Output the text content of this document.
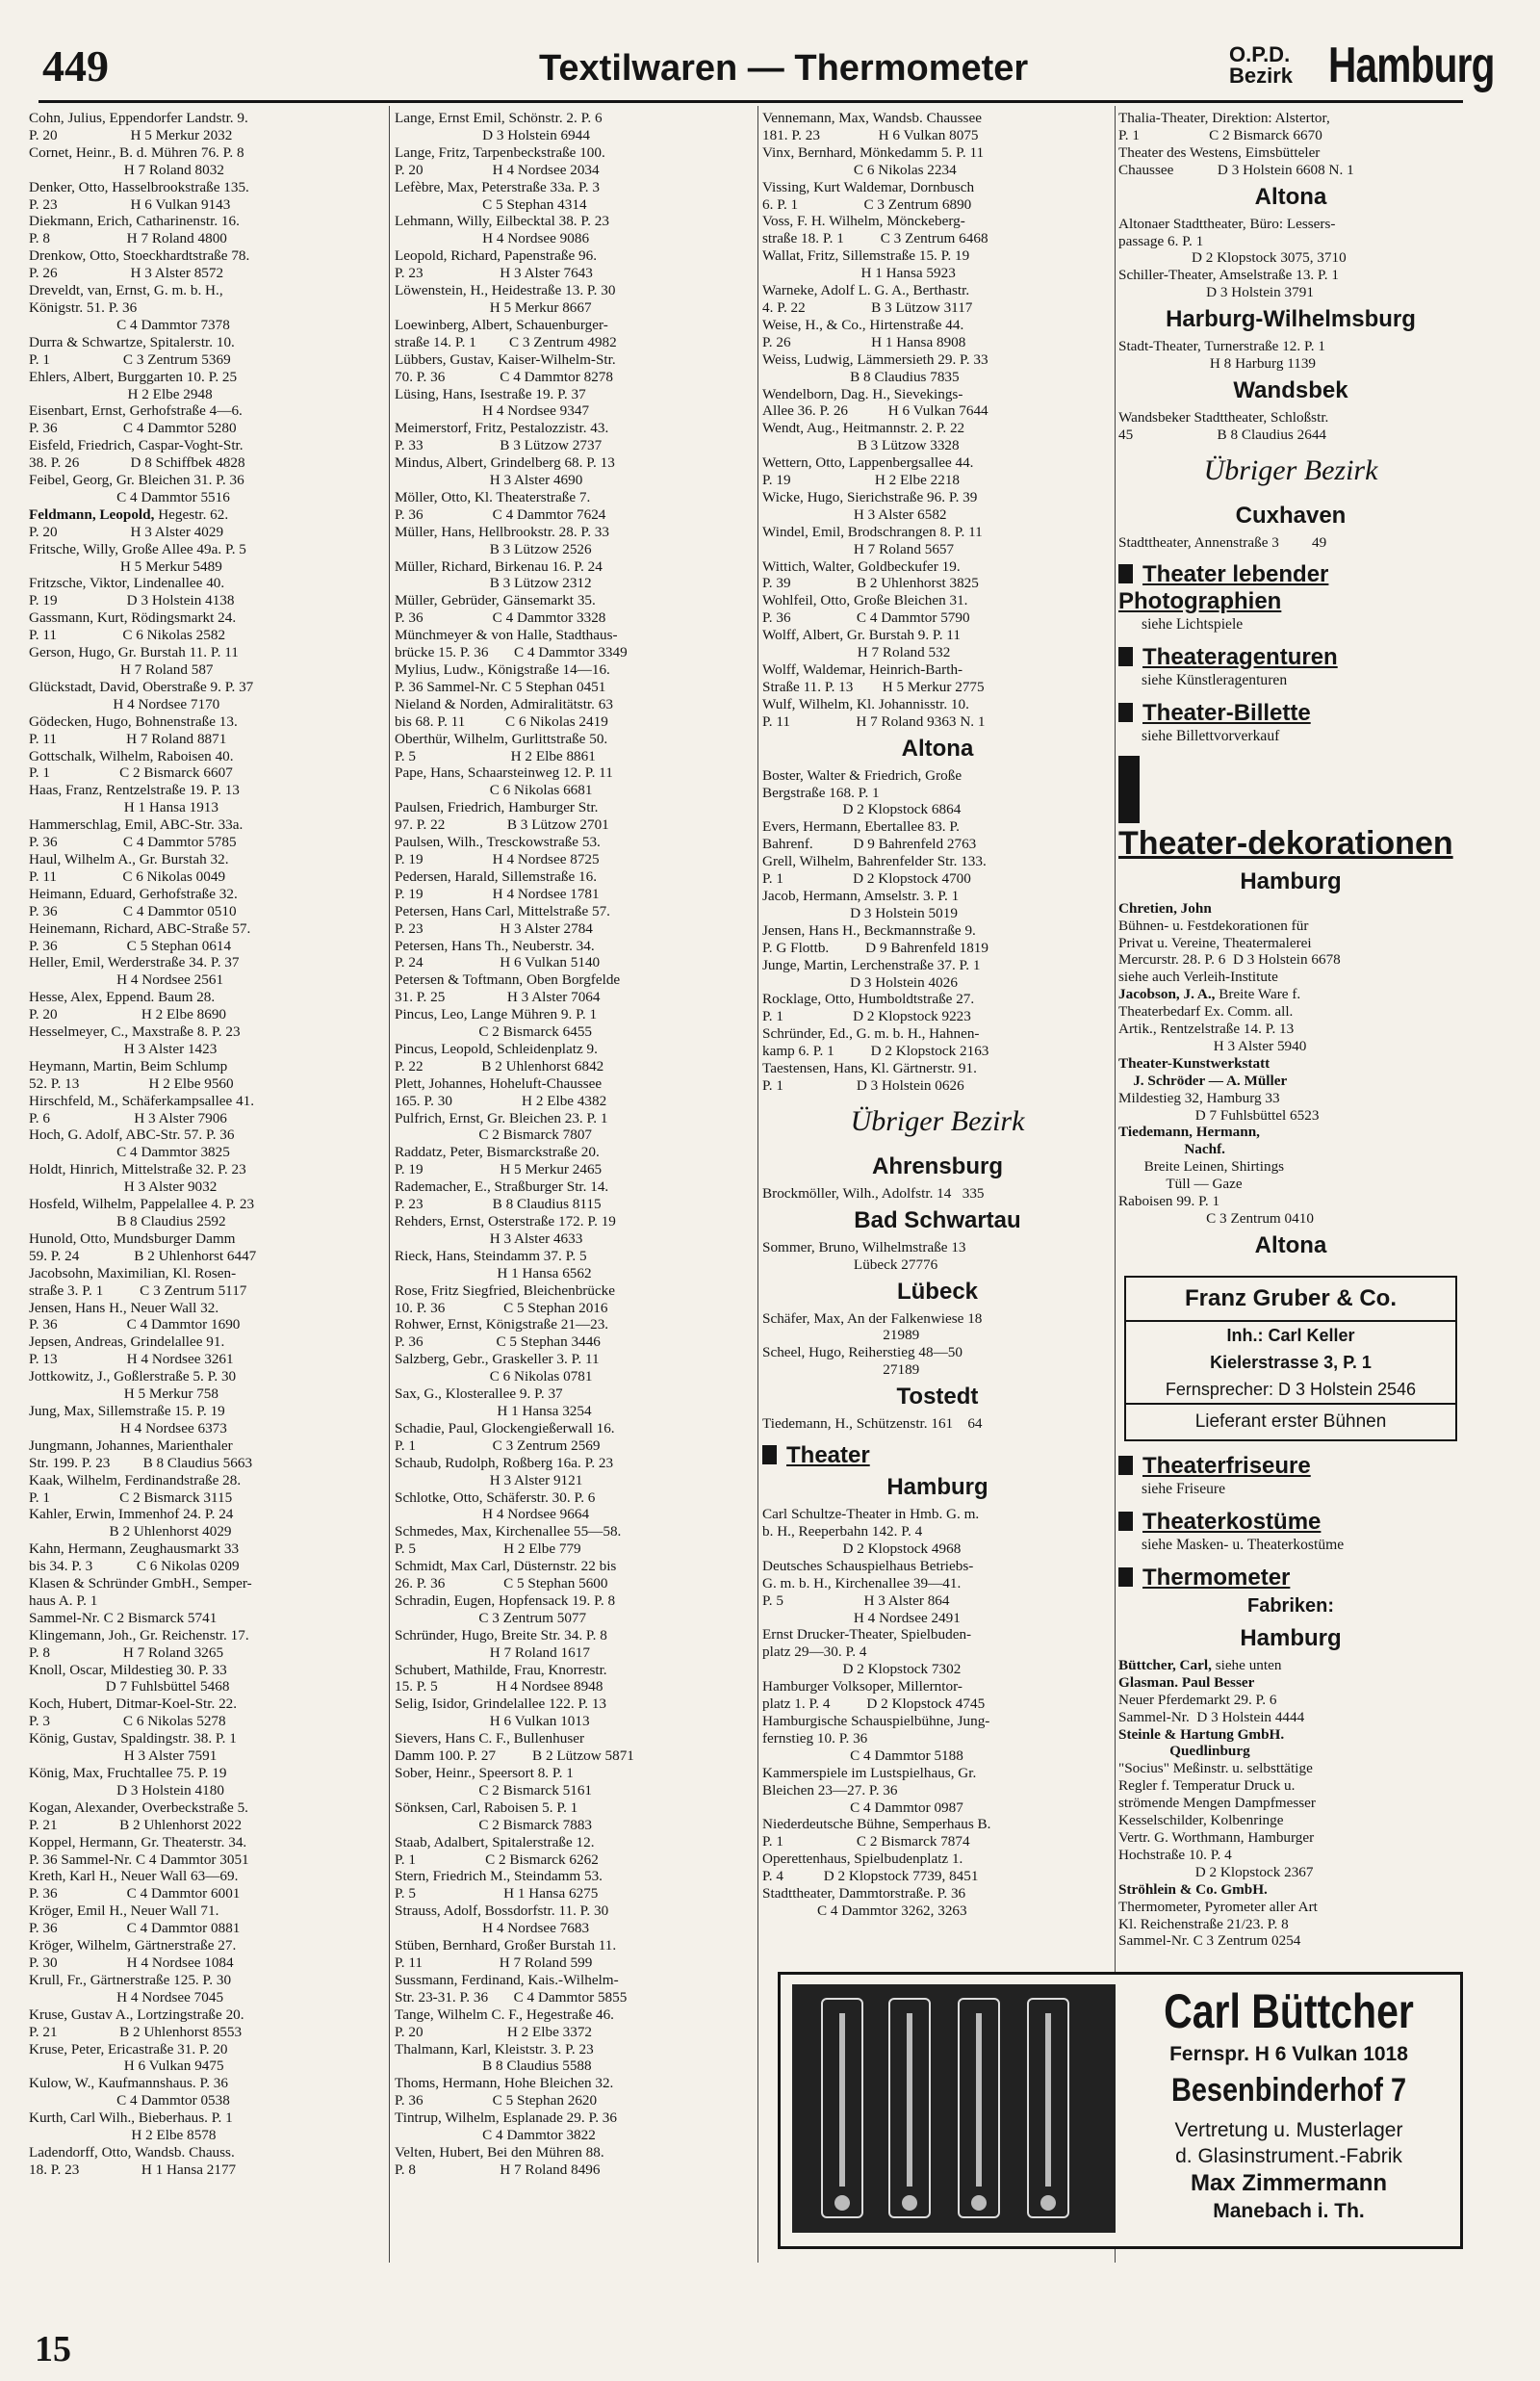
449	Textilwaren — Thermometer	O.P.D.
Bezirk Hamburg
Cohn, Julius, Eppendorfer Landstr. 9.
P. 20                    H 5 Merkur 2032
Cornet, Heinr., B. d. Mühren 76. P. 8
H 7 Roland 8032
Denker, Otto, Hasselbrookstraße 135.
P. 23                    H 6 Vulkan 9143
Diekmann, Erich, Catharinenstr. 16.
P. 8                     H 7 Roland 4800
Drenkow, Otto, Stoeckhardtstraße 78.
P. 26                    H 3 Alster 8572
Dreveldt, van, Ernst, G. m. b. H.,
Königstr. 51. P. 36
C 4 Dammtor 7378
Durra & Schwartze, Spitalerstr. 10.
P. 1                    C 3 Zentrum 5369
Ehlers, Albert, Burggarten 10. P. 25
H 2 Elbe 2948
Eisenbart, Ernst, Gerhofstraße 4—6.
P. 36                  C 4 Dammtor 5280
Eisfeld, Friedrich, Caspar-Voght-Str.
38. P. 26              D 8 Schiffbek 4828
Feibel, Georg, Gr. Bleichen 31. P. 36
C 4 Dammtor 5516
Feldmann, Leopold, Hegestr. 62.
P. 20                    H 3 Alster 4029
Fritsche, Willy, Große Allee 49a. P. 5
H 5 Merkur 5489
Fritzsche, Viktor, Lindenallee 40.
P. 19                   D 3 Holstein 4138
Gassmann, Kurt, Rödingsmarkt 24.
P. 11                  C 6 Nikolas 2582
Gerson, Hugo, Gr. Burstah 11. P. 11
H 7 Roland 587
Glückstadt, David, Oberstraße 9. P. 37
H 4 Nordsee 7170
Gödecken, Hugo, Bohnenstraße 13.
P. 11                   H 7 Roland 8871
Gottschalk, Wilhelm, Raboisen 40.
P. 1                   C 2 Bismarck 6607
Haas, Franz, Rentzelstraße 19. P. 13
H 1 Hansa 1913
Hammerschlag, Emil, ABC-Str. 33a.
P. 36                  C 4 Dammtor 5785
Haul, Wilhelm A., Gr. Burstah 32.
P. 11                  C 6 Nikolas 0049
Heimann, Eduard, Gerhofstraße 32.
P. 36                  C 4 Dammtor 0510
Heinemann, Richard, ABC-Straße 57.
P. 36                   C 5 Stephan 0614
Heller, Emil, Werderstraße 34. P. 37
H 4 Nordsee 2561
Hesse, Alex, Eppend. Baum 28.
P. 20                       H 2 Elbe 8690
Hesselmeyer, C., Maxstraße 8. P. 23
H 3 Alster 1423
Heymann, Martin, Beim Schlump
52. P. 13                   H 2 Elbe 9560
Hirschfeld, M., Schäferkampsallee 41.
P. 6                       H 3 Alster 7906
Hoch, G. Adolf, ABC-Str. 57. P. 36
C 4 Dammtor 3825
Holdt, Hinrich, Mittelstraße 32. P. 23
H 3 Alster 9032
Hosfeld, Wilhelm, Pappelallee 4. P. 23
B 8 Claudius 2592
Hunold, Otto, Mundsburger Damm
59. P. 24               B 2 Uhlenhorst 6447
Jacobsohn, Maximilian, Kl. Rosen-
straße 3. P. 1          C 3 Zentrum 5117
Jensen, Hans H., Neuer Wall 32.
P. 36                   C 4 Dammtor 1690
Jepsen, Andreas, Grindelallee 91.
P. 13                   H 4 Nordsee 3261
Jottkowitz, J., Goßlerstraße 5. P. 30
H 5 Merkur 758
Jung, Max, Sillemstraße 15. P. 19
H 4 Nordsee 6373
Jungmann, Johannes, Marienthaler
Str. 199. P. 23         B 8 Claudius 5663
Kaak, Wilhelm, Ferdinandstraße 28.
P. 1                   C 2 Bismarck 3115
Kahler, Erwin, Immenhof 24. P. 24
B 2 Uhlenhorst 4029
Kahn, Hermann, Zeughausmarkt 33
bis 34. P. 3            C 6 Nikolas 0209
Klasen & Schründer GmbH., Semper-
haus A. P. 1
Sammel-Nr. C 2 Bismarck 5741
Klingemann, Joh., Gr. Reichenstr. 17.
P. 8                    H 7 Roland 3265
Knoll, Oscar, Mildestieg 30. P. 33
D 7 Fuhlsbüttel 5468
Koch, Hubert, Ditmar-Koel-Str. 22.
P. 3                    C 6 Nikolas 5278
König, Gustav, Spaldingstr. 38. P. 1
H 3 Alster 7591
König, Max, Fruchtallee 75. P. 19
D 3 Holstein 4180
Kogan, Alexander, Overbeckstraße 5.
P. 21                 B 2 Uhlenhorst 2022
Koppel, Hermann, Gr. Theaterstr. 34.
P. 36 Sammel-Nr. C 4 Dammtor 3051
Kreth, Karl H., Neuer Wall 63—69.
P. 36                   C 4 Dammtor 6001
Kröger, Emil H., Neuer Wall 71.
P. 36                   C 4 Dammtor 0881
Kröger, Wilhelm, Gärtnerstraße 27.
P. 30                   H 4 Nordsee 1084
Krull, Fr., Gärtnerstraße 125. P. 30
H 4 Nordsee 7045
Kruse, Gustav A., Lortzingstraße 20.
P. 21                 B 2 Uhlenhorst 8553
Kruse, Peter, Ericastraße 31. P. 20
H 6 Vulkan 9475
Kulow, W., Kaufmannshaus. P. 36
C 4 Dammtor 0538
Kurth, Carl Wilh., Bieberhaus. P. 1
H 2 Elbe 8578
Ladendorff, Otto, Wandsb. Chauss.
18. P. 23                 H 1 Hansa 2177
Lange, Ernst Emil, Schönstr. 2. P. 6
D 3 Holstein 6944
Lange, Fritz, Tarpenbeckstraße 100.
P. 20                   H 4 Nordsee 2034
Lefèbre, Max, Peterstraße 33a. P. 3
C 5 Stephan 4314
Lehmann, Willy, Eilbecktal 38. P. 23
H 4 Nordsee 9086
Leopold, Richard, Papenstraße 96.
P. 23                     H 3 Alster 7643
Löwenstein, H., Heidestraße 13. P. 30
H 5 Merkur 8667
Loewinberg, Albert, Schauenburger-
straße 14. P. 1         C 3 Zentrum 4982
Lübbers, Gustav, Kaiser-Wilhelm-Str.
70. P. 36               C 4 Dammtor 8278
Lüsing, Hans, Isestraße 19. P. 37
H 4 Nordsee 9347
Meimerstorf, Fritz, Pestalozzistr. 43.
P. 33                     B 3 Lützow 2737
Mindus, Albert, Grindelberg 68. P. 13
H 3 Alster 4690
Möller, Otto, Kl. Theaterstraße 7.
P. 36                   C 4 Dammtor 7624
Müller, Hans, Hellbrookstr. 28. P. 33
B 3 Lützow 2526
Müller, Richard, Birkenau 16. P. 24
B 3 Lützow 2312
Müller, Gebrüder, Gänsemarkt 35.
P. 36                   C 4 Dammtor 3328
Münchmeyer & von Halle, Stadthaus-
brücke 15. P. 36       C 4 Dammtor 3349
Mylius, Ludw., Königstraße 14—16.
P. 36 Sammel-Nr. C 5 Stephan 0451
Nieland & Norden, Admiralitätstr. 63
bis 68. P. 11           C 6 Nikolas 2419
Oberthür, Wilhelm, Gurlittstraße 50.
P. 5                          H 2 Elbe 8861
Pape, Hans, Schaarsteinweg 12. P. 11
C 6 Nikolas 6681
Paulsen, Friedrich, Hamburger Str.
97. P. 22                 B 3 Lützow 2701
Paulsen, Wilh., Tresckowstraße 53.
P. 19                   H 4 Nordsee 8725
Pedersen, Harald, Sillemstraße 16.
P. 19                   H 4 Nordsee 1781
Petersen, Hans Carl, Mittelstraße 57.
P. 23                     H 3 Alster 2784
Petersen, Hans Th., Neuberstr. 34.
P. 24                     H 6 Vulkan 5140
Petersen & Toftmann, Oben Borgfelde
31. P. 25                 H 3 Alster 7064
Pincus, Leo, Lange Mühren 9. P. 1
C 2 Bismarck 6455
Pincus, Leopold, Schleidenplatz 9.
P. 22                B 2 Uhlenhorst 6842
Plett, Johannes, Hoheluft-Chaussee
165. P. 30                   H 2 Elbe 4382
Pulfrich, Ernst, Gr. Bleichen 23. P. 1
C 2 Bismarck 7807
Raddatz, Peter, Bismarckstraße 20.
P. 19                     H 5 Merkur 2465
Rademacher, E., Straßburger Str. 14.
P. 23                   B 8 Claudius 8115
Rehders, Ernst, Osterstraße 172. P. 19
H 3 Alster 4633
Rieck, Hans, Steindamm 37. P. 5
H 1 Hansa 6562
Rose, Fritz Siegfried, Bleichenbrücke
10. P. 36                C 5 Stephan 2016
Rohwer, Ernst, Königstraße 21—23.
P. 36                    C 5 Stephan 3446
Salzberg, Gebr., Graskeller 3. P. 11
C 6 Nikolas 0781
Sax, G., Klosterallee 9. P. 37
H 1 Hansa 3254
Schadie, Paul, Glockengießerwall 16.
P. 1                     C 3 Zentrum 2569
Schaub, Rudolph, Roßberg 16a. P. 23
H 3 Alster 9121
Schlotke, Otto, Schäferstr. 30. P. 6
H 4 Nordsee 9664
Schmedes, Max, Kirchenallee 55—58.
P. 5                        H 2 Elbe 779
Schmidt, Max Carl, Düsternstr. 22 bis
26. P. 36                C 5 Stephan 5600
Schradin, Eugen, Hopfensack 19. P. 8
C 3 Zentrum 5077
Schründer, Hugo, Breite Str. 34. P. 8
H 7 Roland 1617
Schubert, Mathilde, Frau, Knorrestr.
15. P. 5                H 4 Nordsee 8948
Selig, Isidor, Grindelallee 122. P. 13
H 6 Vulkan 1013
Sievers, Hans C. F., Bullenhuser
Damm 100. P. 27          B 2 Lützow 5871
Sober, Heinr., Speersort 8. P. 1
C 2 Bismarck 5161
Sönksen, Carl, Raboisen 5. P. 1
C 2 Bismarck 7883
Staab, Adalbert, Spitalerstraße 12.
P. 1                   C 2 Bismarck 6262
Stern, Friedrich M., Steindamm 53.
P. 5                        H 1 Hansa 6275
Strauss, Adolf, Bossdorfstr. 11. P. 30
H 4 Nordsee 7683
Stüben, Bernhard, Großer Burstah 11.
P. 11                     H 7 Roland 599
Sussmann, Ferdinand, Kais.-Wilhelm-
Str. 23-31. P. 36       C 4 Dammtor 5855
Tange, Wilhelm C. F., Hegestraße 46.
P. 20                       H 2 Elbe 3372
Thalmann, Karl, Kleiststr. 3. P. 23
B 8 Claudius 5588
Thoms, Hermann, Hohe Bleichen 32.
P. 36                   C 5 Stephan 2620
Tintrup, Wilhelm, Esplanade 29. P. 36
C 4 Dammtor 3822
Velten, Hubert, Bei den Mühren 88.
P. 8                       H 7 Roland 8496
Vennemann, Max, Wandsb. Chaussee
181. P. 23                H 6 Vulkan 8075
Vinx, Bernhard, Mönkedamm 5. P. 11
C 6 Nikolas 2234
Vissing, Kurt Waldemar, Dornbusch
6. P. 1                  C 3 Zentrum 6890
Voss, F. H. Wilhelm, Mönckeberg-
straße 18. P. 1          C 3 Zentrum 6468
Wallat, Fritz, Sillemstraße 15. P. 19
H 1 Hansa 5923
Warneke, Adolf L. G. A., Berthastr.
4. P. 22                  B 3 Lützow 3117
Weise, H., & Co., Hirtenstraße 44.
P. 26                      H 1 Hansa 8908
Weiss, Ludwig, Lämmersieth 29. P. 33
B 8 Claudius 7835
Wendelborn, Dag. H., Sievekings-
Allee 36. P. 26           H 6 Vulkan 7644
Wendt, Aug., Heitmannstr. 2. P. 22
B 3 Lützow 3328
Wettern, Otto, Lappenbergsallee 44.
P. 19                       H 2 Elbe 2218
Wicke, Hugo, Sierichstraße 96. P. 39
H 3 Alster 6582
Windel, Emil, Brodschrangen 8. P. 11
H 7 Roland 5657
Wittich, Walter, Goldbeckufer 19.
P. 39                  B 2 Uhlenhorst 3825
Wohlfeil, Otto, Große Bleichen 31.
P. 36                  C 4 Dammtor 5790
Wolff, Albert, Gr. Burstah 9. P. 11
H 7 Roland 532
Wolff, Waldemar, Heinrich-Barth-
Straße 11. P. 13        H 5 Merkur 2775
Wulf, Wilhelm, Kl. Johannisstr. 10.
P. 11                  H 7 Roland 9363 N. 1
Altona
Boster, Walter & Friedrich, Große
Bergstraße 168. P. 1
D 2 Klopstock 6864
Evers, Hermann, Ebertallee 83. P.
Bahrenf.           D 9 Bahrenfeld 2763
Grell, Wilhelm, Bahrenfelder Str. 133.
P. 1                   D 2 Klopstock 4700
Jacob, Hermann, Amselstr. 3. P. 1
D 3 Holstein 5019
Jensen, Hans H., Beckmannstraße 9.
P. G Flottb.          D 9 Bahrenfeld 1819
Junge, Martin, Lerchenstraße 37. P. 1
D 3 Holstein 4026
Rocklage, Otto, Humboldtstraße 27.
P. 1                   D 2 Klopstock 9223
Schründer, Ed., G. m. b. H., Hahnen-
kamp 6. P. 1          D 2 Klopstock 2163
Taestensen, Hans, Kl. Gärtnerstr. 91.
P. 1                    D 3 Holstein 0626
Übriger Bezirk
Ahrensburg
Brockmöller, Wilh., Adolfstr. 14   335
Bad Schwartau
Sommer, Bruno, Wilhelmstraße 13
Lübeck 27776
Lübeck
Schäfer, Max, An der Falkenwiese 18
21989
Scheel, Hugo, Reiherstieg 48—50
27189
Tostedt
Tiedemann, H., Schützenstr. 161    64
Theater
Hamburg
Carl Schultze-Theater in Hmb. G. m.
b. H., Reeperbahn 142. P. 4
D 2 Klopstock 4968
Deutsches Schauspielhaus Betriebs-
G. m. b. H., Kirchenallee 39—41.
P. 5                      H 3 Alster 864
H 4 Nordsee 2491
Ernst Drucker-Theater, Spielbuden-
platz 29—30. P. 4
D 2 Klopstock 7302
Hamburger Volksoper, Millerntor-
platz 1. P. 4          D 2 Klopstock 4745
Hamburgische Schauspielbühne, Jung-
fernstieg 10. P. 36
C 4 Dammtor 5188
Kammerspiele im Lustspielhaus, Gr.
Bleichen 23—27. P. 36
C 4 Dammtor 0987
Niederdeutsche Bühne, Semperhaus B.
P. 1                    C 2 Bismarck 7874
Operettenhaus, Spielbudenplatz 1.
P. 4           D 2 Klopstock 7739, 8451
Stadttheater, Dammtorstraße. P. 36
C 4 Dammtor 3262, 3263
Thalia-Theater, Direktion: Alstertor,
P. 1                   C 2 Bismarck 6670
Theater des Westens, Eimsbütteler
Chaussee            D 3 Holstein 6608 N. 1
Altona
Altonaer Stadttheater, Büro: Lessers-
passage 6. P. 1
D 2 Klopstock 3075, 3710
Schiller-Theater, Amselstraße 13. P. 1
D 3 Holstein 3791
Harburg-Wilhelmsburg
Stadt-Theater, Turnerstraße 12. P. 1
H 8 Harburg 1139
Wandsbek
Wandsbeker Stadttheater, Schloßstr.
45                       B 8 Claudius 2644
Übriger Bezirk
Cuxhaven
Stadttheater, Annenstraße 3         49
Theater lebender Photographien
siehe Lichtspiele
Theateragenturen
siehe Künstleragenturen
Theater-Billette
siehe Billettvorverkauf
Theater-dekorationen
Hamburg
Chretien, John
Bühnen- u. Festdekorationen für
Privat u. Vereine, Theatermalerei
Mercurstr. 28. P. 6  D 3 Holstein 6678
siehe auch Verleih-Institute
Jacobson, J. A., Breite Ware f.
Theaterbedarf Ex. Comm. all.
Artik., Rentzelstraße 14. P. 13
H 3 Alster 5940
Theater-Kunstwerkstatt
J. Schröder — A. Müller
Mildestieg 32, Hamburg 33
D 7 Fuhlsbüttel 6523
Tiedemann, Hermann,
Nachf.
Breite Leinen, Shirtings
Tüll — Gaze
Raboisen 99. P. 1
C 3 Zentrum 0410
Altona
Franz Gruber & Co.
Inh.: Carl Keller
Kielerstrasse 3, P. 1
Fernsprecher: D 3 Holstein 2546
Lieferant erster Bühnen
Theaterfriseure
siehe Friseure
Theaterkostüme
siehe Masken- u. Theaterkostüme
Thermometer
Fabriken:
Hamburg
Büttcher, Carl, siehe unten
Glasman. Paul Besser
Neuer Pferdemarkt 29. P. 6
Sammel-Nr.  D 3 Holstein 4444
Steinle & Hartung GmbH.
Quedlinburg
"Socius" Meßinstr. u. selbsttätige
Regler f. Temperatur Druck u.
strömende Mengen Dampfmesser
Kesselschilder, Kolbenringe
Vertr. G. Worthmann, Hamburger
Hochstraße 10. P. 4
D 2 Klopstock 2367
Ströhlein & Co. GmbH.
Thermometer, Pyrometer aller Art
Kl. Reichenstraße 21/23. P. 8
Sammel-Nr. C 3 Zentrum 0254
Carl Büttcher
Fernspr. H 6 Vulkan 1018
Besenbinderhof 7
Vertretung u. Musterlager
d. Glasinstrument.-Fabrik
Max Zimmermann
Manebach i. Th.
15
